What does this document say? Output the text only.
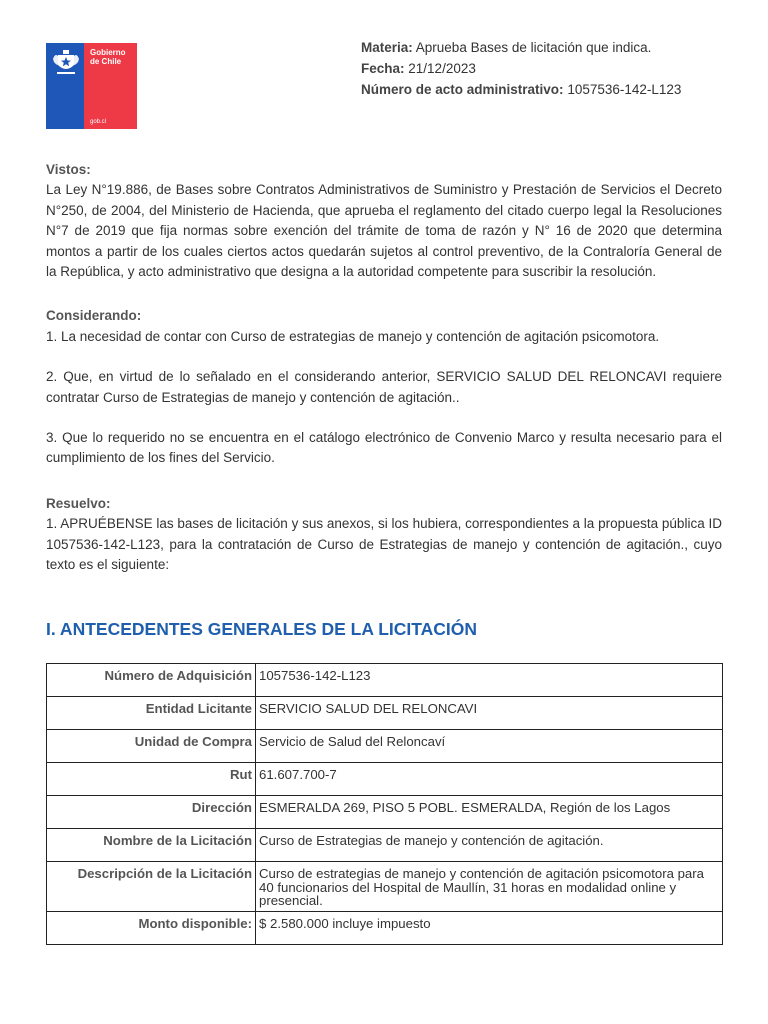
Gobierno
de Chile
gob.cl
Materia: Aprueba Bases de licitación que indica.
Fecha: 21/12/2023
Número de acto administrativo: 1057536-142-L123

Vistos:

La Ley N°19.886, de Bases sobre Contratos Administrativos de Suministro y Prestación de Servicios el Decreto N°250, de 2004, del Ministerio de Hacienda, que aprueba el reglamento del citado cuerpo legal la Resoluciones N°7 de 2019 que fija normas sobre exención del trámite de toma de razón y N° 16 de 2020 que determina montos a partir de los cuales ciertos actos quedarán sujetos al control preventivo, de la Contraloría General de la República, y acto administrativo que designa a la autoridad competente para suscribir la resolución.

Considerando:

1. La necesidad de contar con Curso de estrategias de manejo y contención de agitación psicomotora.

2. Que, en virtud de lo señalado en el considerando anterior, SERVICIO SALUD DEL RELONCAVI requiere contratar Curso de Estrategias de manejo y contención de agitación..

3. Que lo requerido no se encuentra en el catálogo electrónico de Convenio Marco y resulta necesario para el cumplimiento de los fines del Servicio.

Resuelvo:

1. APRUÉBENSE las bases de licitación y sus anexos, si los hubiera, correspondientes a la propuesta pública ID 1057536-142-L123, para la contratación de Curso de Estrategias de manejo y contención de agitación., cuyo texto es el siguiente:

I. ANTECEDENTES GENERALES DE LA LICITACIÓN
Número de Adquisición	1057536-142-L123
Entidad Licitante	SERVICIO SALUD DEL RELONCAVI
Unidad de Compra	Servicio de Salud del Reloncaví
Rut	61.607.700-7
Dirección	ESMERALDA 269, PISO 5 POBL. ESMERALDA, Región de los Lagos
Nombre de la Licitación	Curso de Estrategias de manejo y contención de agitación.
Descripción de la Licitación	Curso de estrategias de manejo y contención de agitación psicomotora para 40 funcionarios del Hospital de Maullín, 31 horas en modalidad online y presencial.
Monto disponible:	$ 2.580.000 incluye impuesto
